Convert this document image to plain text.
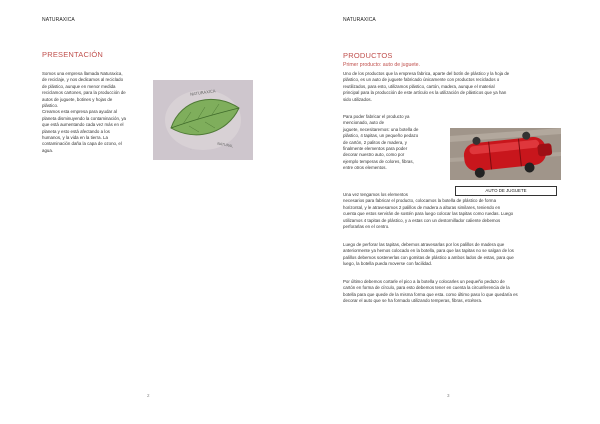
NATURAXICA
PRESENTACIÓN
Somos una empresa llamada Naturaxica,
de reciclaje, y nos dedicamos al reciclado
de plástico, aunque en menor medida
reciclamos cartones, para la producción de
autos de juguete, botines y hojas de
plástico.
Creamos esta empresa para ayudar al
planeta disminuyendo la contaminación, ya
que está aumentando cada vez más en el
planeta y esto está afectando a los
humanos, y la vida en la tierra. La
contaminación daña la capa de ozono, el
agua.
NATURAXICA
NATURAL
·
2
NATURAXICA
PRODUCTOS
Primer producto: auto de juguete.
Uno de los productos que la empresa fabrica, aparte del botín de plástico y la hoja de
plástico, es un auto de juguete fabricado únicamente con productos reciclados o
reutilizados, para esto, utilizamos plástico, cartón, madera, aunque el material
principal para la producción de este artículo es la utilización de plásticos que ya han
sido utilizados.
Para poder fabricar el producto ya
mencionado, auto de
juguete, necesitaremos: una botella de
plástico, 4 tapitas, un pequeño pedazo
de cartón, 2 palitos de madera, y
finalmente elementos para poder
decorar nuestro auto, como por
ejemplo temperas de colores, fibras,
entre otros elementos.
AUTO DE JUGUETE
Una vez tengamos los elementos
necesarios para fabricar el producto, colocamos la botella de plástico de forma
horizontal, y le atravesamos 2 palillos de madera a alturas similares, teniendo en
cuenta que estos servirán de sostén para luego colocar las tapitas como ruedas. Luego
utilizamos 4 tapitas de plástico, y a estas con un destornillador caliente debemos
perforarlas en el centro.
Luego de perforar las tapitas, debemos atravesarlas por los palillos de madera que
anteriormente ya hemos colocado en la botella, para que las tapitas no se salgan de los
palillos debemos sostenerlas con gomitas de plástico a ambos lados de estas, para que
luego, la botella pueda moverse con facilidad.
Por último debemos cortarle el pico a la botella y colocarles un pequeño pedazo de
cartón en forma de círculo, para esto debemos tener en cuenta la circunferencia de la
botella para que quede de la misma forma que esta. como último paso lo que quedaría es
decorar el auto que se ha formado utilizando temperas, fibras, etcétera.
3
